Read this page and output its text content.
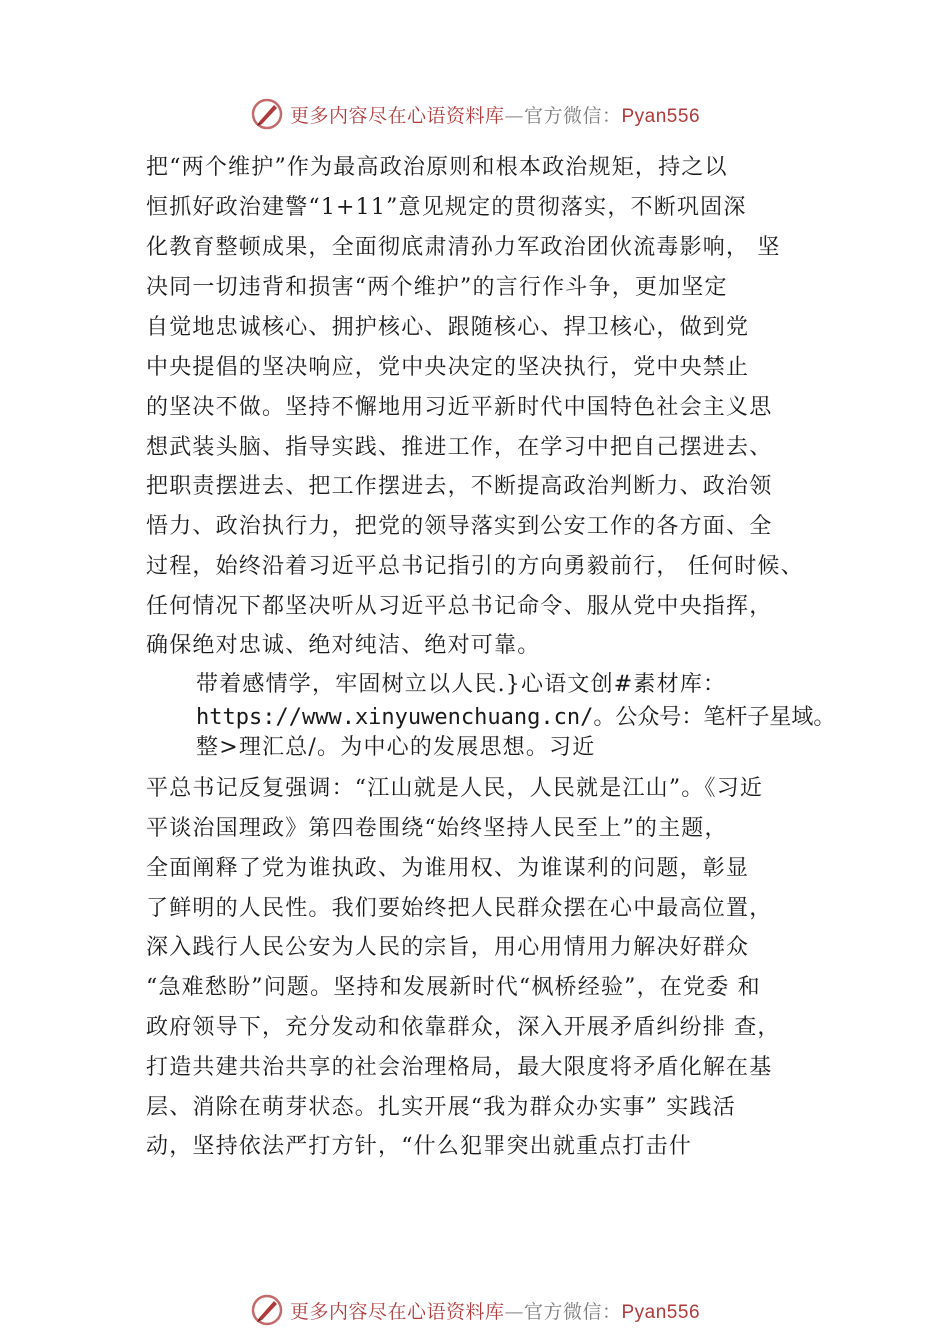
更多内容尽在心语资料库—官方微信：Pyan556
把“两个维护”作为最高政治原则和根本政治规矩，持之以
恒抓好政治建警“1+11”意见规定的贯彻落实，不断巩固深
化教育整顿成果，全面彻底肃清孙力军政治团伙流毒影响， 坚
决同一切违背和损害“两个维护”的言行作斗争，更加坚定
自觉地忠诚核心、拥护核心、跟随核心、捍卫核心，做到党
中央提倡的坚决响应，党中央决定的坚决执行，党中央禁止
的坚决不做。坚持不懈地用习近平新时代中国特色社会主义思
想武装头脑、指导实践、推进工作，在学习中把自己摆进去、
把职责摆进去、把工作摆进去，不断提高政治判断力、政治领
悟力、政治执行力，把党的领导落实到公安工作的各方面、全
过程，始终沿着习近平总书记指引的方向勇毅前行， 任何时候、
任何情况下都坚决听从习近平总书记命令、服从党中央指挥，
确保绝对忠诚、绝对纯洁、绝对可靠。
带着感情学，牢固树立以人民.}心语文创#素材库：
https://www.xinyuwenchuang.cn/。公众号：笔杆子星域。
整>理汇总/。为中心的发展思想。习近
平总书记反复强调：“江山就是人民，人民就是江山”。《习近
平谈治国理政》第四卷围绕“始终坚持人民至上”的主题，
全面阐释了党为谁执政、为谁用权、为谁谋利的问题，彰显
了鲜明的人民性。我们要始终把人民群众摆在心中最高位置，
深入践行人民公安为人民的宗旨，用心用情用力解决好群众
“急难愁盼”问题。坚持和发展新时代“枫桥经验”，在党委 和
政府领导下，充分发动和依靠群众，深入开展矛盾纠纷排 查，
打造共建共治共享的社会治理格局，最大限度将矛盾化解在基
层、消除在萌芽状态。扎实开展“我为群众办实事” 实践活
动，坚持依法严打方针，“什么犯罪突出就重点打击什
更多内容尽在心语资料库—官方微信：Pyan556
